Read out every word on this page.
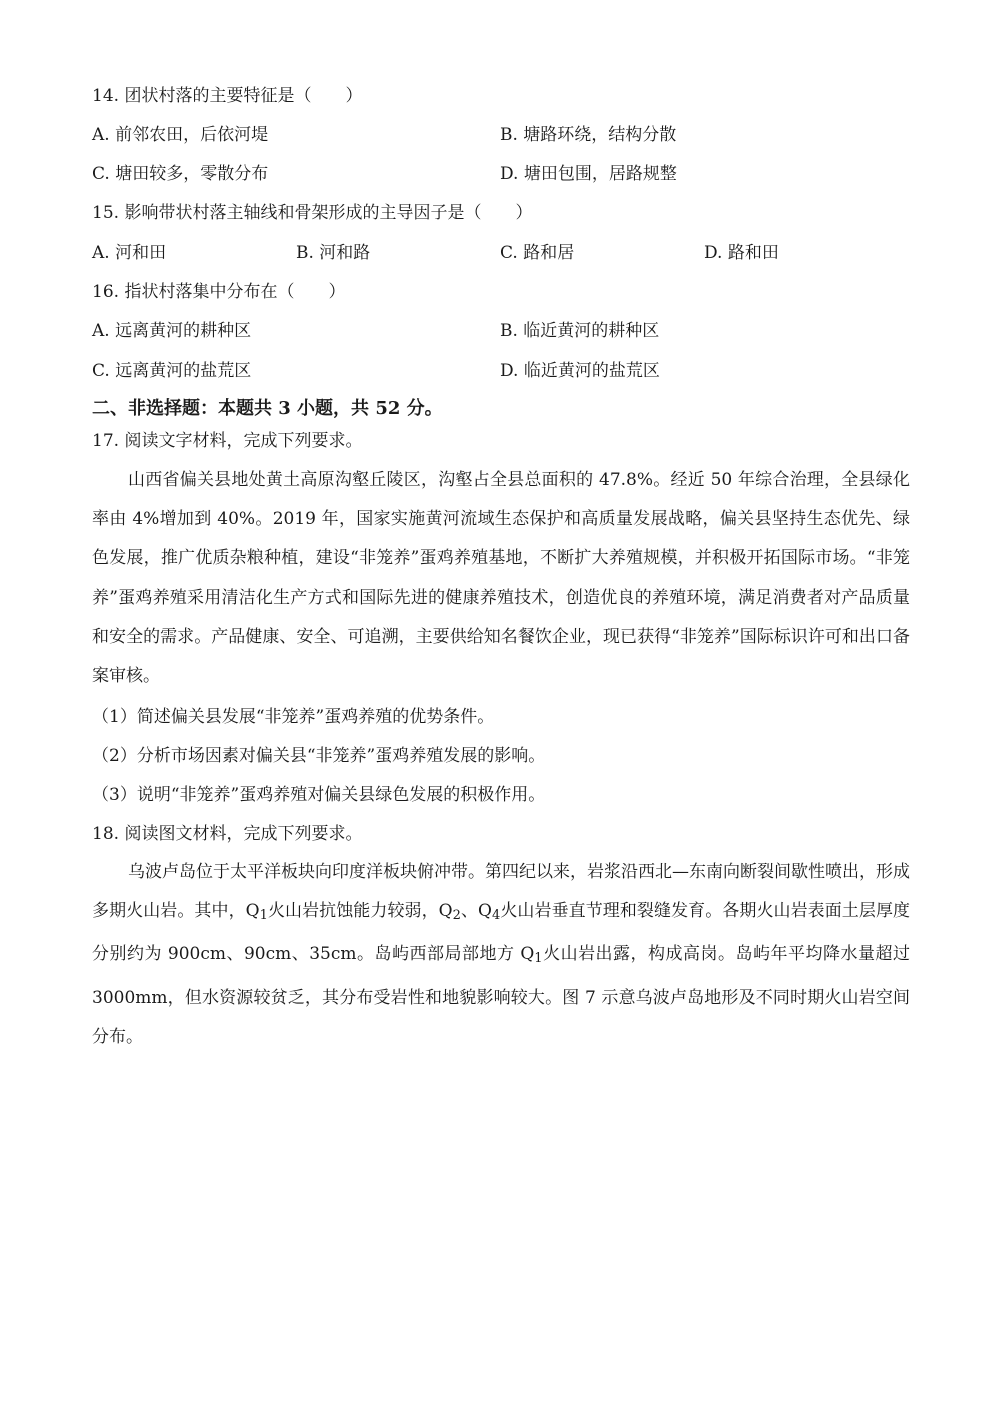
14. 团状村落的主要特征是（　　）
A. 前邻农田，后依河堤	B. 塘路环绕，结构分散
C. 塘田较多，零散分布	D. 塘田包围，居路规整
15. 影响带状村落主轴线和骨架形成的主导因子是（　　）
A. 河和田	B. 河和路	C. 路和居	D. 路和田
16. 指状村落集中分布在（　　）
A. 远离黄河的耕种区	B. 临近黄河的耕种区
C. 远离黄河的盐荒区	D. 临近黄河的盐荒区
二、非选择题：本题共 3 小题，共 52 分。
17. 阅读文字材料，完成下列要求。
山西省偏关县地处黄土高原沟壑丘陵区，沟壑占全县总面积的 47.8%。经近 50 年综合治理，全县绿化率由 4%增加到 40%。2019 年，国家实施黄河流域生态保护和高质量发展战略，偏关县坚持生态优先、绿色发展，推广优质杂粮种植，建设“非笼养”蛋鸡养殖基地，不断扩大养殖规模，并积极开拓国际市场。“非笼养”蛋鸡养殖采用清洁化生产方式和国际先进的健康养殖技术，创造优良的养殖环境，满足消费者对产品质量和安全的需求。产品健康、安全、可追溯，主要供给知名餐饮企业，现已获得“非笼养”国际标识许可和出口备案审核。
（1）简述偏关县发展“非笼养”蛋鸡养殖的优势条件。
（2）分析市场因素对偏关县“非笼养”蛋鸡养殖发展的影响。
（3）说明“非笼养”蛋鸡养殖对偏关县绿色发展的积极作用。
18. 阅读图文材料，完成下列要求。
乌波卢岛位于太平洋板块向印度洋板块俯冲带。第四纪以来，岩浆沿西北—东南向断裂间歇性喷出，形成多期火山岩。其中，$Q_1$火山岩抗蚀能力较弱，$Q_2$、$Q_4$火山岩垂直节理和裂缝发育。各期火山岩表面土层厚度分别约为 900cm、90cm、35cm。岛屿西部局部地方 $Q_1$火山岩出露，构成高岗。岛屿年平均降水量超过 3000mm，但水资源较贫乏，其分布受岩性和地貌影响较大。图 7 示意乌波卢岛地形及不同时期火山岩空间分布。
